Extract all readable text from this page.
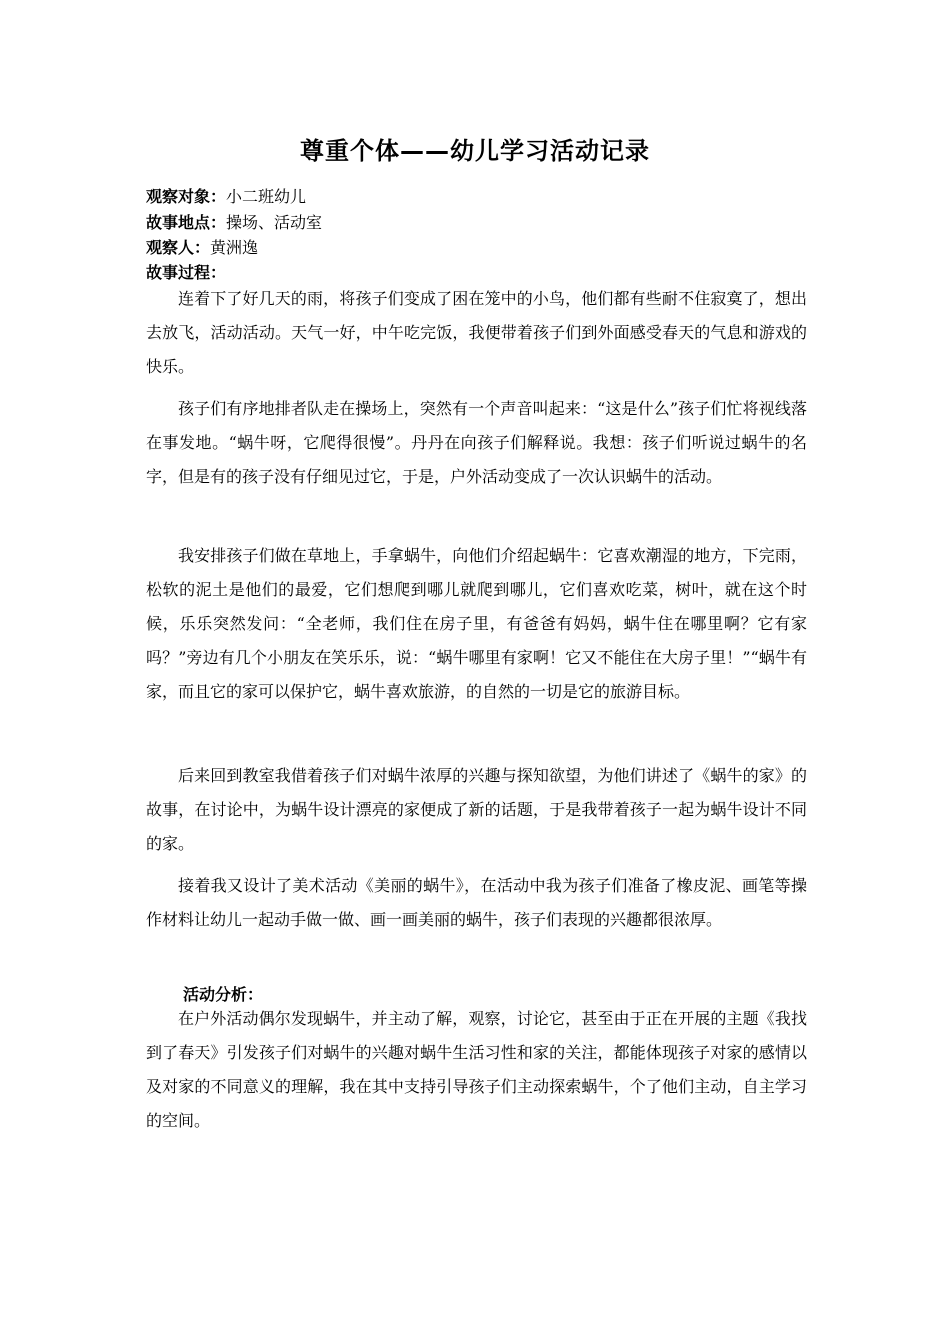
尊重个体——幼儿学习活动记录
观察对象：小二班幼儿
故事地点：操场、活动室
观察人：黄洲逸
故事过程：

连着下了好几天的雨，将孩子们变成了困在笼中的小鸟，他们都有些耐不住寂寞了，想出去放飞，活动活动。天气一好，中午吃完饭，我便带着孩子们到外面感受春天的气息和游戏的快乐。

孩子们有序地排者队走在操场上，突然有一个声音叫起来：“这是什么”孩子们忙将视线落在事发地。“蜗牛呀，它爬得很慢”。丹丹在向孩子们解释说。我想：孩子们听说过蜗牛的名字，但是有的孩子没有仔细见过它，于是，户外活动变成了一次认识蜗牛的活动。

我安排孩子们做在草地上，手拿蜗牛，向他们介绍起蜗牛：它喜欢潮湿的地方，下完雨，松软的泥土是他们的最爱，它们想爬到哪儿就爬到哪儿，它们喜欢吃菜，树叶，就在这个时候，乐乐突然发问：“全老师，我们住在房子里，有爸爸有妈妈，蜗牛住在哪里啊？它有家吗？”旁边有几个小朋友在笑乐乐，说：“蜗牛哪里有家啊！它又不能住在大房子里！”“蜗牛有家，而且它的家可以保护它，蜗牛喜欢旅游，的自然的一切是它的旅游目标。

后来回到教室我借着孩子们对蜗牛浓厚的兴趣与探知欲望，为他们讲述了《蜗牛的家》的故事，在讨论中，为蜗牛设计漂亮的家便成了新的话题，于是我带着孩子一起为蜗牛设计不同的家。

接着我又设计了美术活动《美丽的蜗牛》，在活动中我为孩子们准备了橡皮泥、画笔等操作材料让幼儿一起动手做一做、画一画美丽的蜗牛，孩子们表现的兴趣都很浓厚。

活动分析：

在户外活动偶尔发现蜗牛，并主动了解，观察，讨论它，甚至由于正在开展的主题《我找到了春天》引发孩子们对蜗牛的兴趣对蜗牛生活习性和家的关注，都能体现孩子对家的感情以及对家的不同意义的理解，我在其中支持引导孩子们主动探索蜗牛，个了他们主动，自主学习的空间。
